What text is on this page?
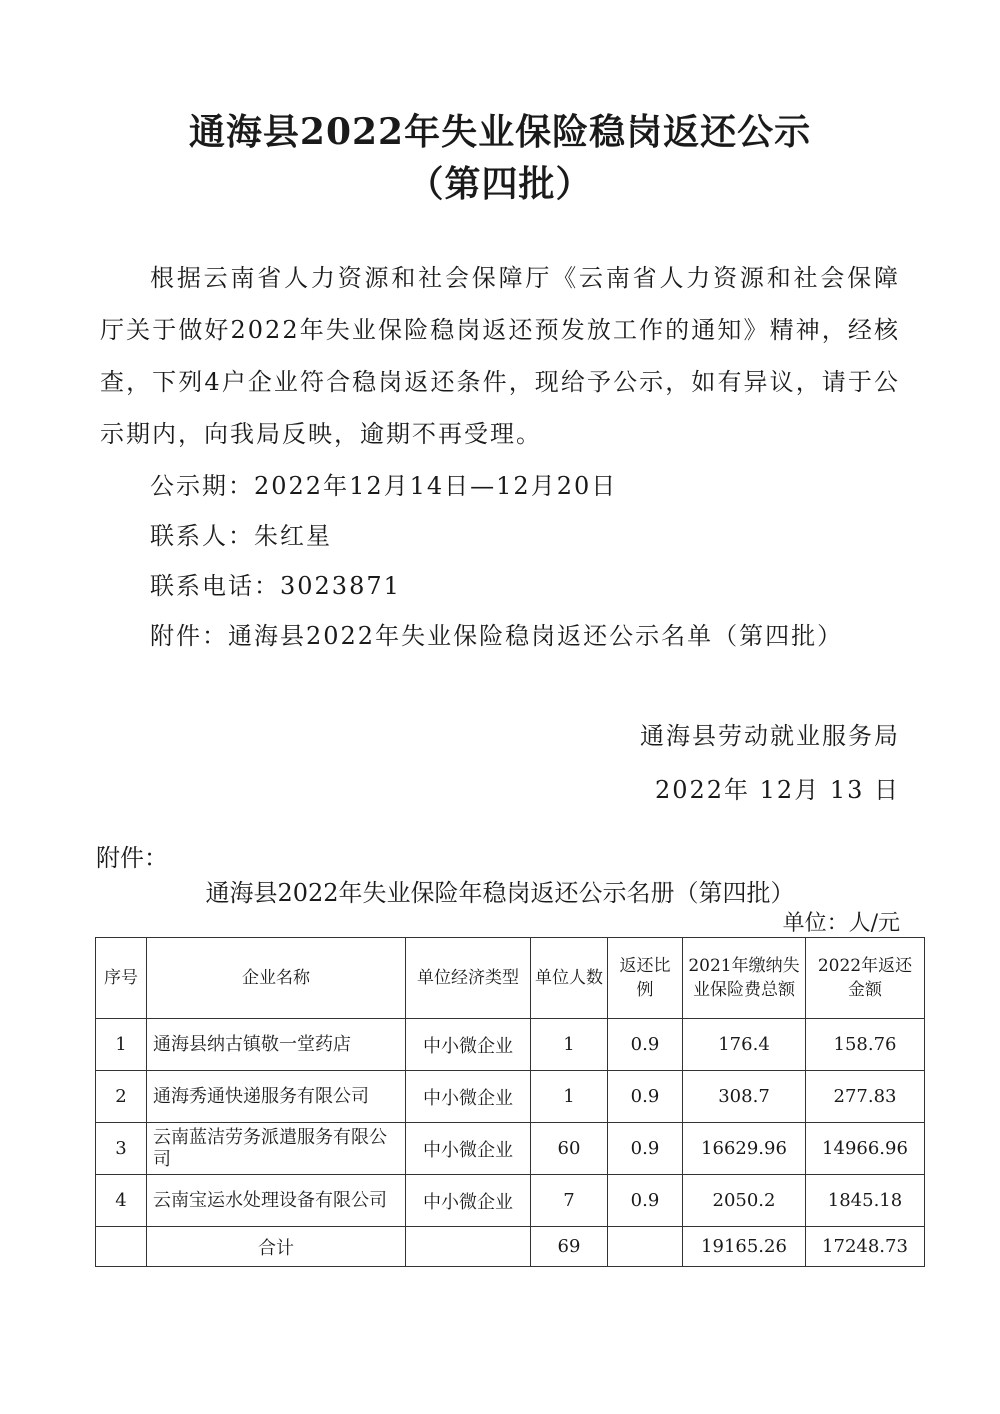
通海县2022年失业保险稳岗返还公示
（第四批）
根据云南省人力资源和社会保障厅《云南省人力资源和社会保障厅关于做好2022年失业保险稳岗返还预发放工作的通知》精神，经核查，下列4户企业符合稳岗返还条件，现给予公示，如有异议，请于公示期内，向我局反映，逾期不再受理。
公示期：2022年12月14日—12月20日
联系人：朱红星
联系电话：3023871
附件：通海县2022年失业保险稳岗返还公示名单（第四批）
通海县劳动就业服务局
2022年 12月 13 日
附件：
通海县2022年失业保险年稳岗返还公示名册（第四批）
单位：人/元
序号	企业名称	单位经济类型	单位人数	返还比例	2021年缴纳失业保险费总额	2022年返还金额
1	通海县纳古镇敬一堂药店	中小微企业	1	0.9	176.4	158.76
2	通海秀通快递服务有限公司	中小微企业	1	0.9	308.7	277.83
3	云南蓝洁劳务派遣服务有限公司	中小微企业	60	0.9	16629.96	14966.96
4	云南宝运水处理设备有限公司	中小微企业	7	0.9	2050.2	1845.18
	合计		69		19165.26	17248.73
